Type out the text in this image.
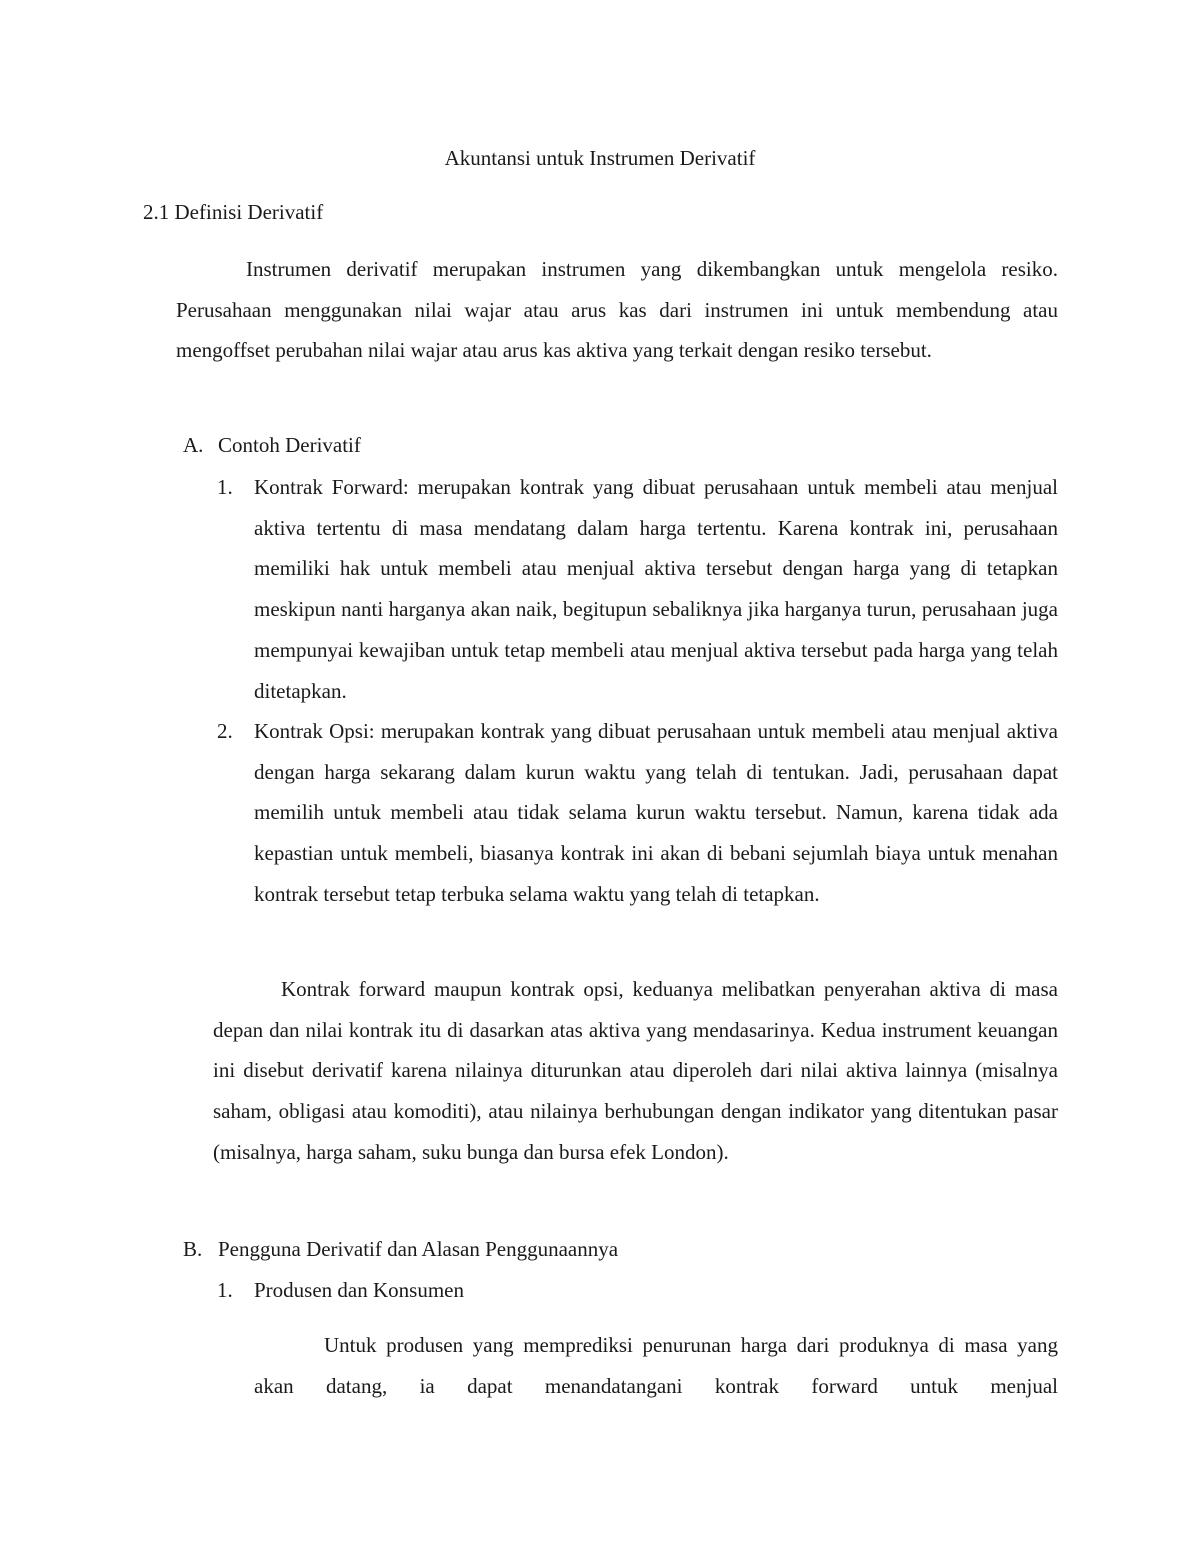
Akuntansi untuk Instrumen Derivatif
2.1 Definisi Derivatif

Instrumen derivatif merupakan instrumen yang dikembangkan untuk mengelola resiko. Perusahaan menggunakan nilai wajar atau arus kas dari instrumen ini untuk membendung atau mengoffset perubahan nilai wajar atau arus kas aktiva yang terkait dengan resiko tersebut.

A. Contoh Derivatif
1. Kontrak Forward: merupakan kontrak yang dibuat perusahaan untuk membeli atau menjual aktiva tertentu di masa mendatang dalam harga tertentu. Karena kontrak ini, perusahaan memiliki hak untuk membeli atau menjual aktiva tersebut dengan harga yang di tetapkan meskipun nanti harganya akan naik, begitupun sebaliknya jika harganya turun, perusahaan juga mempunyai kewajiban untuk tetap membeli atau menjual aktiva tersebut pada harga yang telah ditetapkan.

2. Kontrak Opsi: merupakan kontrak yang dibuat perusahaan untuk membeli atau menjual aktiva dengan harga sekarang dalam kurun waktu yang telah di tentukan. Jadi, perusahaan dapat memilih untuk membeli atau tidak selama kurun waktu tersebut. Namun, karena tidak ada kepastian untuk membeli, biasanya kontrak ini akan di bebani sejumlah biaya untuk menahan kontrak tersebut tetap terbuka selama waktu yang telah di tetapkan.

Kontrak forward maupun kontrak opsi, keduanya melibatkan penyerahan aktiva di masa depan dan nilai kontrak itu di dasarkan atas aktiva yang mendasarinya. Kedua instrument keuangan ini disebut derivatif karena nilainya diturunkan atau diperoleh dari nilai aktiva lainnya (misalnya saham, obligasi atau komoditi), atau nilainya berhubungan dengan indikator yang ditentukan pasar (misalnya, harga saham, suku bunga dan bursa efek London).

B. Pengguna Derivatif dan Alasan Penggunaannya
1. Produsen dan Konsumen

Untuk produsen yang memprediksi penurunan harga dari produknya di masa yang akan datang, ia dapat menandatangani kontrak forward untuk menjual
